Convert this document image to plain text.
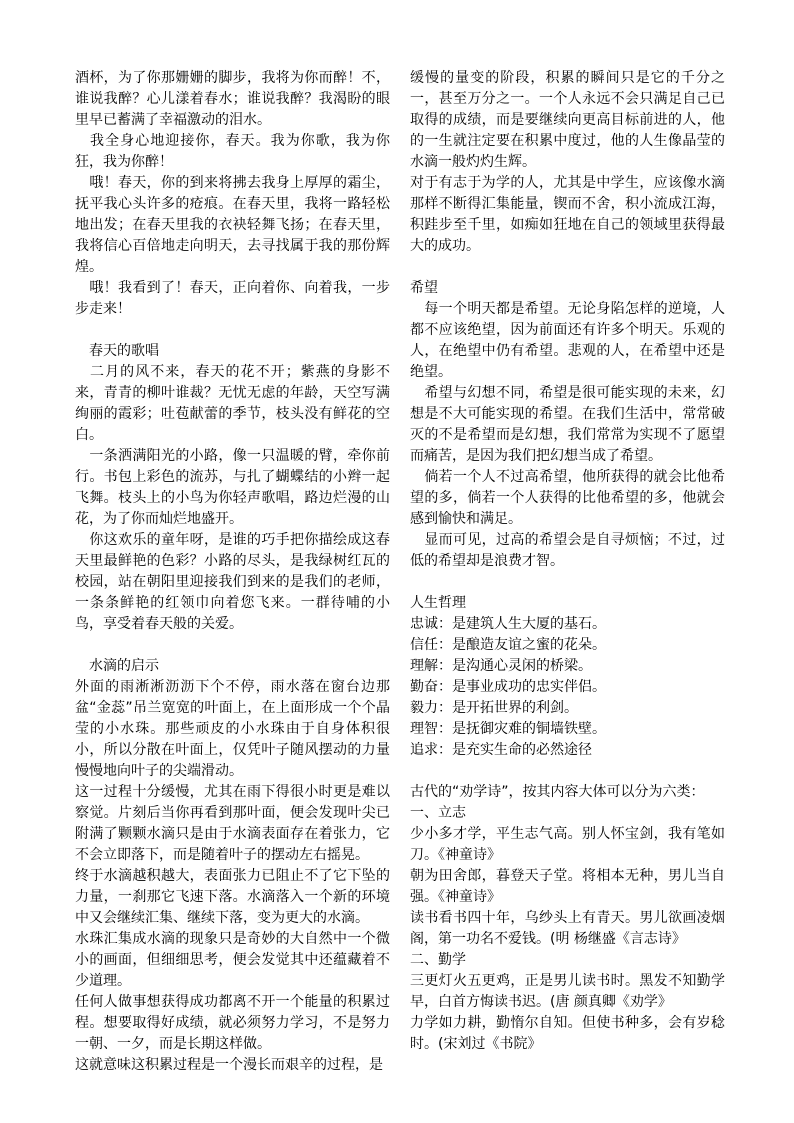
酒杯，为了你那姗姗的脚步，我将为你而醉！不，谁说我醉？心儿漾着春水；谁说我醉？我渴盼的眼里早已蓄满了幸福激动的泪水。

　我全身心地迎接你，春天。我为你歌，我为你狂，我为你醉！

　哦！春天，你的到来将拂去我身上厚厚的霜尘，抚平我心头许多的疮痕。在春天里，我将一路轻松地出发；在春天里我的衣袂轻舞飞扬；在春天里，我将信心百倍地走向明天，去寻找属于我的那份辉煌。

　哦！我看到了！春天，正向着你、向着我，一步步走来！

　春天的歌唱

　二月的风不来，春天的花不开；紫燕的身影不来，青青的柳叶谁裁？无忧无虑的年龄，天空写满绚丽的霞彩；吐苞献蕾的季节，枝头没有鲜花的空白。

　一条洒满阳光的小路，像一只温暖的臂，牵你前行。书包上彩色的流苏，与扎了蝴蝶结的小辫一起飞舞。枝头上的小鸟为你轻声歌唱，路边烂漫的山花，为了你而灿烂地盛开。

　你这欢乐的童年呀，是谁的巧手把你描绘成这春天里最鲜艳的色彩？小路的尽头，是我绿树红瓦的校园，站在朝阳里迎接我们到来的是我们的老师，一条条鲜艳的红领巾向着您飞来。一群待哺的小鸟，享受着春天般的关爱。

　水滴的启示

外面的雨淅淅沥沥下个不停，雨水落在窗台边那盆“金蕊”吊兰宽宽的叶面上，在上面形成一个个晶莹的小水珠。那些顽皮的小水珠由于自身体积很小，所以分散在叶面上，仅凭叶子随风摆动的力量慢慢地向叶子的尖端滑动。

这一过程十分缓慢，尤其在雨下得很小时更是难以察觉。片刻后当你再看到那叶面，便会发现叶尖已附满了颗颗水滴只是由于水滴表面存在着张力，它不会立即落下，而是随着叶子的摆动左右摇晃。

终于水滴越积越大，表面张力已阻止不了它下坠的力量，一刹那它飞速下落。水滴落入一个新的环境中又会继续汇集、继续下落，变为更大的水滴。

水珠汇集成水滴的现象只是奇妙的大自然中一个微小的画面，但细细思考，便会发觉其中还蕴藏着不少道理。

任何人做事想获得成功都离不开一个能量的积累过程。想要取得好成绩，就必须努力学习，不是努力一朝、一夕，而是长期这样做。

这就意味这积累过程是一个漫长而艰辛的过程，是

缓慢的量变的阶段，积累的瞬间只是它的千分之一，甚至万分之一。一个人永远不会只满足自己已取得的成绩，而是要继续向更高目标前进的人，他的一生就注定要在积累中度过，他的人生像晶莹的水滴一般灼灼生辉。

对于有志于为学的人，尤其是中学生，应该像水滴那样不断得汇集能量，锲而不舍，积小流成江海，积跬步至千里，如痴如狂地在自己的领域里获得最大的成功。

希望

　每一个明天都是希望。无论身陷怎样的逆境，人都不应该绝望，因为前面还有许多个明天。乐观的人，在绝望中仍有希望。悲观的人，在希望中还是绝望。

　希望与幻想不同，希望是很可能实现的未来，幻想是不大可能实现的希望。在我们生活中，常常破灭的不是希望而是幻想，我们常常为实现不了愿望而痛苦，是因为我们把幻想当成了希望。

　倘若一个人不过高希望，他所获得的就会比他希望的多，倘若一个人获得的比他希望的多，他就会感到愉快和满足。

　显而可见，过高的希望会是自寻烦恼；不过，过低的希望却是浪费才智。

人生哲理

忠诚：是建筑人生大厦的基石。

信任：是酿造友谊之蜜的花朵。

理解：是沟通心灵闲的桥梁。

勤奋：是事业成功的忠实伴侣。

毅力：是开拓世界的利剑。

理智：是抚御灾难的铜墙铁壁。

追求：是充实生命的必然途径

古代的“劝学诗”，按其内容大体可以分为六类：

一、立志

少小多才学，平生志气高。别人怀宝剑，我有笔如刀。《神童诗》

朝为田舍郎，暮登天子堂。将相本无种，男儿当自强。《神童诗》

读书看书四十年，乌纱头上有青天。男儿欲画凌烟阁，第一功名不爱钱。(明 杨继盛《言志诗》

二、勤学

三更灯火五更鸡，正是男儿读书时。黑发不知勤学早，白首方悔读书迟。(唐 颜真卿《劝学》

力学如力耕，勤惰尔自知。但使书种多，会有岁稔时。(宋刘过《书院》
